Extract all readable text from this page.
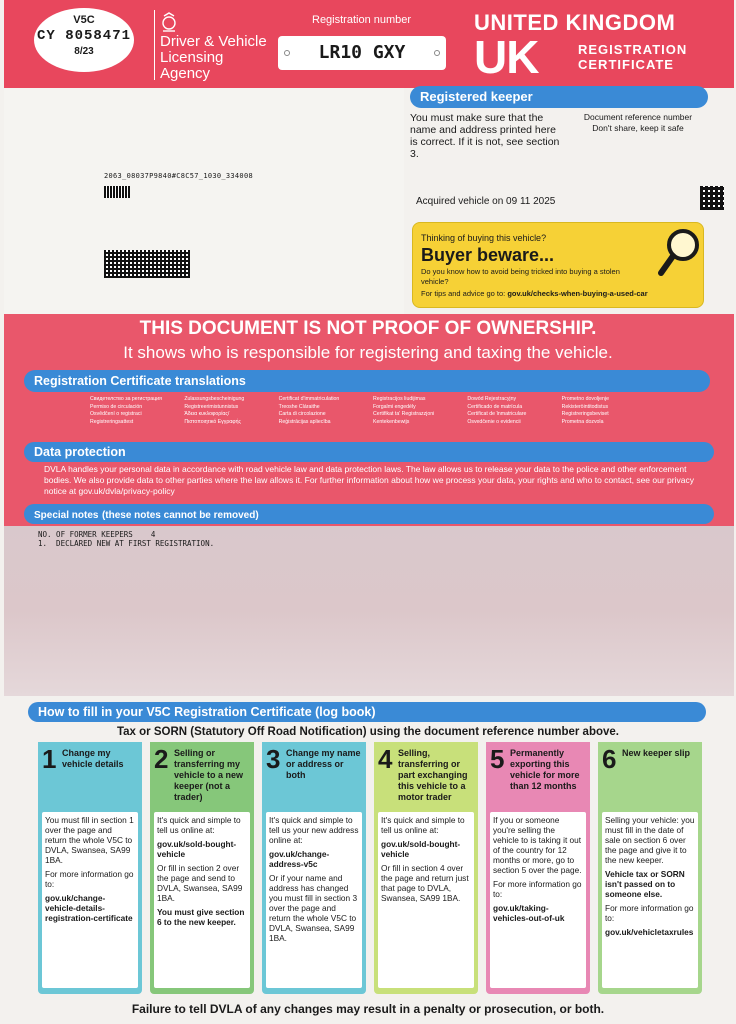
V5C
CY 8058471
8/23
Driver & Vehicle
Licensing
Agency
Registration number
LR10 GXY
UNITED KINGDOM
UK	REGISTRATION
CERTIFICATE
2063_08037P9840#C8C57_1030_334008
Registered keeper
You must make sure that the name and address printed here is correct. If it is not, see section 3.
Document reference number
Don't share, keep it safe
Acquired vehicle on 09 11 2025
Thinking of buying this vehicle?
Buyer beware...
Do you know how to avoid being tricked into buying a stolen vehicle?
For tips and advice go to: gov.uk/checks-when-buying-a-used-car
THIS DOCUMENT IS NOT PROOF OF OWNERSHIP.
It shows who is responsible for registering and taxing the vehicle.
Registration Certificate translations
Свидетелство за регистрация
Permiso de circulación
Osvědčení o registraci
Registreringsattest
Zulassungsbescheinigung
Registreerimistunnistus
Άδεια κυκλοφορίας/
Πιστοποιητικό Εγγραφής
Certificat d'immatriculation
Treoshe Cláraithe
Carta di circolazione
Reģistrācijas apliecība
Registracijos liudijimas
Forgalmi engedély
Certifikat ta' Registrazzjoni
Kentekenbewijs
Dowód Rejestracyjny
Certificado de matrícula
Certificat de înmatriculare
Osvedčenie o evidencii
Prometno dovoljenje
Rekisteröintitodistus
Registreringsbeviset
Prometna dozvola
Data protection
DVLA handles your personal data in accordance with road vehicle law and data protection laws. The law allows us to release your data to the police and other enforcement bodies. We also provide data to other parties where the law allows it. For further information about how we process your data, your rights and who to contact, see our privacy notice at gov.uk/dvla/privacy-policy
Special notes (these notes cannot be removed)
NO. OF FORMER KEEPERS    4
1.  DECLARED NEW AT FIRST REGISTRATION.
How to fill in your V5C Registration Certificate (log book)
Tax or SORN (Statutory Off Road Notification) using the document reference number above.
1 Change my vehicle details

You must fill in section 1 over the page and return the whole V5C to DVLA, Swansea, SA99 1BA.

For more information go to:

gov.uk/change-vehicle-details-registration-certificate

2 Selling or transferring my vehicle to a new keeper (not a trader)

It's quick and simple to tell us online at:

gov.uk/sold-bought-vehicle

Or fill in section 2 over the page and send to DVLA, Swansea, SA99 1BA.

You must give section 6 to the new keeper.

3 Change my name or address or both

It's quick and simple to tell us your new address online at:

gov.uk/change-address-v5c

Or if your name and address has changed you must fill in section 3 over the page and return the whole V5C to DVLA, Swansea, SA99 1BA.

4 Selling, transferring or part exchanging this vehicle to a motor trader

It's quick and simple to tell us online at:

gov.uk/sold-bought-vehicle

Or fill in section 4 over the page and return just that page to DVLA, Swansea, SA99 1BA.

5 Permanently exporting this vehicle for more than 12 months

If you or someone you're selling the vehicle to is taking it out of the country for 12 months or more, go to section 5 over the page.

For more information go to:

gov.uk/taking-vehicles-out-of-uk

6 New keeper slip

Selling your vehicle: you must fill in the date of sale on section 6 over the page and give it to the new keeper.

Vehicle tax or SORN isn't passed on to someone else.

For more information go to:

gov.uk/vehicletaxrules

Failure to tell DVLA of any changes may result in a penalty or prosecution, or both.
